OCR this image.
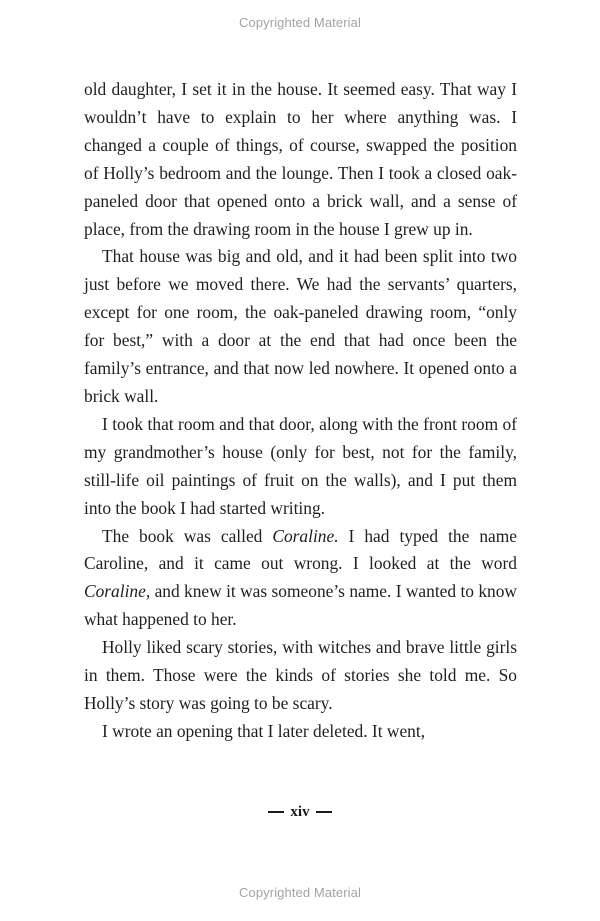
Copyrighted Material

old daughter, I set it in the house. It seemed easy. That way I wouldn’t have to explain to her where anything was. I changed a couple of things, of course, swapped the position of Holly’s bedroom and the lounge. Then I took a closed oak-paneled door that opened onto a brick wall, and a sense of place, from the drawing room in the house I grew up in.

That house was big and old, and it had been split into two just before we moved there. We had the servants’ quarters, except for one room, the oak-paneled drawing room, “only for best,” with a door at the end that had once been the family’s entrance, and that now led nowhere. It opened onto a brick wall.

I took that room and that door, along with the front room of my grandmother’s house (only for best, not for the family, still-life oil paintings of fruit on the walls), and I put them into the book I had started writing.

The book was called Coraline. I had typed the name Caroline, and it came out wrong. I looked at the word Coraline, and knew it was someone’s name. I wanted to know what happened to her.

Holly liked scary stories, with witches and brave little girls in them. Those were the kinds of stories she told me. So Holly’s story was going to be scary.

I wrote an opening that I later deleted. It went,

xiv
Copyrighted Material
